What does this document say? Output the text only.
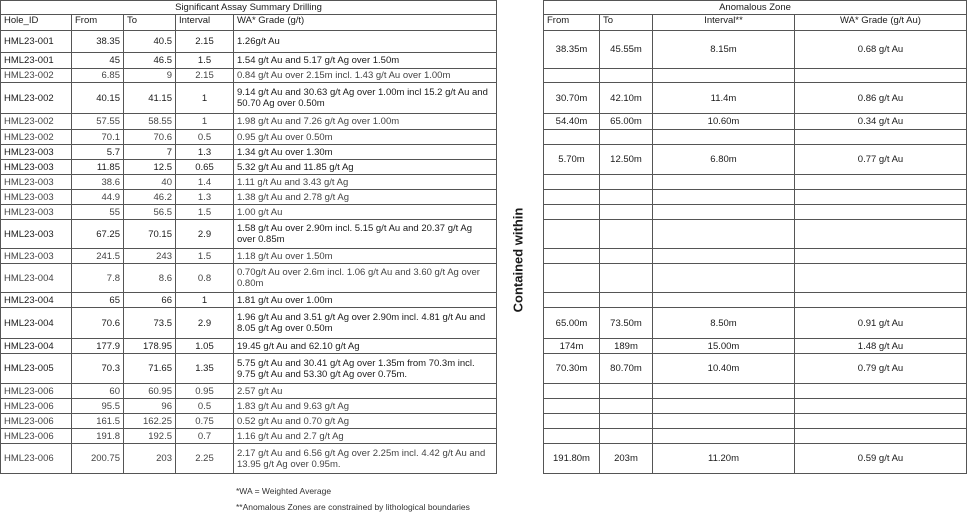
Significant Assay Summary Drilling				
Hole_ID	From	To	Interval	WA* Grade (g/t)
HML23-001	38.35	40.5	2.15	1.26g/t Au
HML23-001	45	46.5	1.5	1.54 g/t Au and 5.17 g/t Ag over 1.50m
HML23-002	6.85	9	2.15	0.84 g/t Au over 2.15m incl. 1.43 g/t Au over 1.00m
HML23-002	40.15	41.15	1	9.14 g/t Au and 30.63 g/t Ag over 1.00m incl 15.2 g/t Au and 50.70 Ag over 0.50m
HML23-002	57.55	58.55	1	1.98 g/t Au and 7.26 g/t Ag over 1.00m
HML23-002	70.1	70.6	0.5	0.95 g/t Au over 0.50m
HML23-003	5.7	7	1.3	1.34 g/t Au over 1.30m
HML23-003	11.85	12.5	0.65	5.32 g/t Au and 11.85 g/t Ag
HML23-003	38.6	40	1.4	1.11 g/t Au and 3.43 g/t Ag
HML23-003	44.9	46.2	1.3	1.38 g/t Au and 2.78 g/t Ag
HML23-003	55	56.5	1.5	1.00 g/t Au
HML23-003	67.25	70.15	2.9	1.58 g/t Au over 2.90m incl. 5.15 g/t Au and 20.37 g/t Ag over 0.85m
HML23-003	241.5	243	1.5	1.18 g/t Au over 1.50m
HML23-004	7.8	8.6	0.8	0.70g/t Au over 2.6m incl. 1.06 g/t Au and 3.60 g/t Ag over 0.80m
HML23-004	65	66	1	1.81 g/t Au over 1.00m
HML23-004	70.6	73.5	2.9	1.96 g/t Au and 3.51 g/t Ag over 2.90m incl. 4.81 g/t Au and 8.05 g/t Ag over 0.50m
HML23-004	177.9	178.95	1.05	19.45 g/t Au and 62.10 g/t Ag
HML23-005	70.3	71.65	1.35	5.75 g/t Au and 30.41 g/t Ag over 1.35m from 70.3m incl. 9.75 g/t Au and 53.30 g/t Ag over 0.75m.
HML23-006	60	60.95	0.95	2.57 g/t Au
HML23-006	95.5	96	0.5	1.83 g/t Au and 9.63 g/t Ag
HML23-006	161.5	162.25	0.75	0.52 g/t Au and 0.70 g/t Ag
HML23-006	191.8	192.5	0.7	1.16 g/t Au and 2.7 g/t Ag
HML23-006	200.75	203	2.25	2.17 g/t Au and 6.56 g/t Ag over 2.25m incl. 4.42 g/t Au and 13.95 g/t Ag over 0.95m.
Contained within
Anomalous Zone			
From	To	Interval**	WA* Grade (g/t Au)
38.35m	45.55m	8.15m	0.68 g/t Au

30.70m	42.10m	11.4m	0.86 g/t Au
54.40m	65.00m	10.60m	0.34 g/t Au

5.70m	12.50m	6.80m	0.77 g/t Au

65.00m	73.50m	8.50m	0.91 g/t Au
174m	189m	15.00m	1.48 g/t Au
70.30m	80.70m	10.40m	0.79 g/t Au

191.80m	203m	11.20m	0.59 g/t Au
*WA = Weighted Average
**Anomalous Zones are constrained by lithological boundaries
